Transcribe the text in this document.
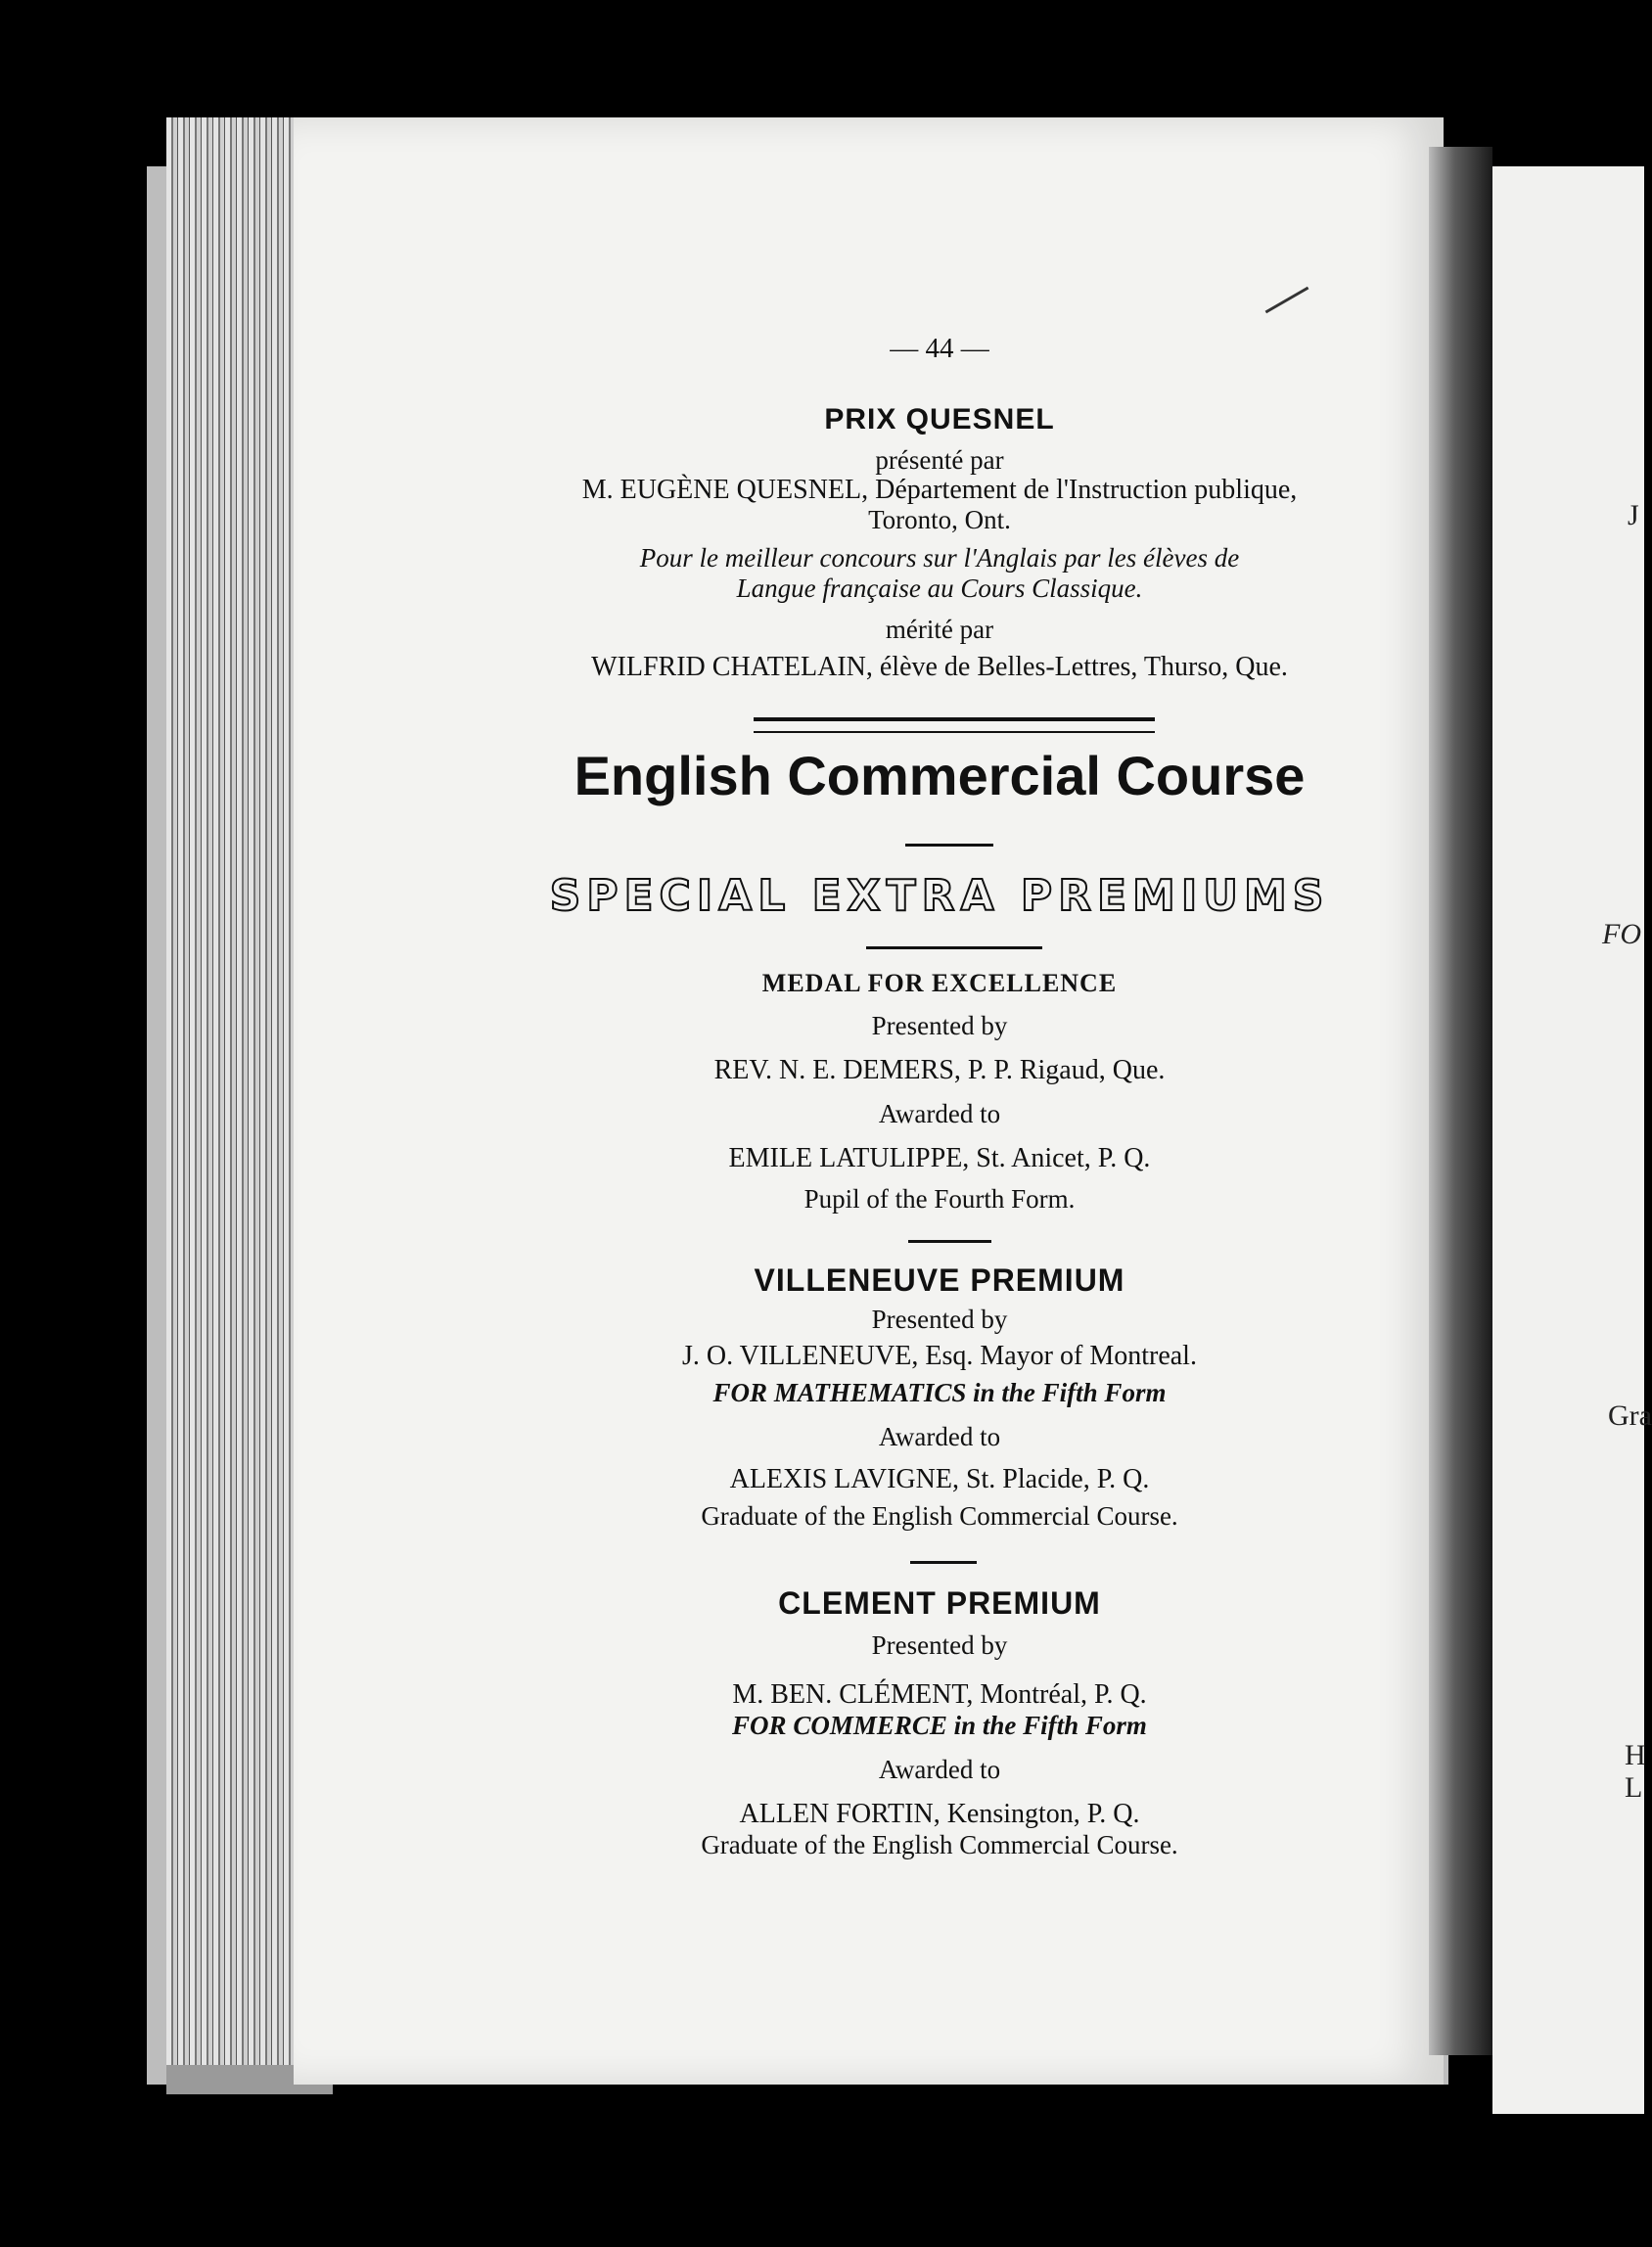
J
FO
Gra
H
L
— 44 —
PRIX QUESNEL
présenté par
M. EUGÈNE QUESNEL, Département de l'Instruction publique,
Toronto, Ont.
Pour le meilleur concours sur l'Anglais par les élèves de
Langue française au Cours Classique.
mérité par
WILFRID CHATELAIN, élève de Belles-Lettres, Thurso, Que.
English Commercial Course
SPECIAL EXTRA PREMIUMS
MEDAL FOR EXCELLENCE
Presented by
REV. N. E. DEMERS, P. P. Rigaud, Que.
Awarded to
EMILE LATULIPPE, St. Anicet, P. Q.
Pupil of the Fourth Form.
VILLENEUVE PREMIUM
Presented by
J. O. VILLENEUVE, Esq. Mayor of Montreal.
FOR MATHEMATICS in the Fifth Form
Awarded to
ALEXIS LAVIGNE, St. Placide, P. Q.
Graduate of the English Commercial Course.
CLEMENT PREMIUM
Presented by
M. BEN. CLÉMENT, Montréal, P. Q.
FOR COMMERCE in the Fifth Form
Awarded to
ALLEN FORTIN, Kensington, P. Q.
Graduate of the English Commercial Course.
